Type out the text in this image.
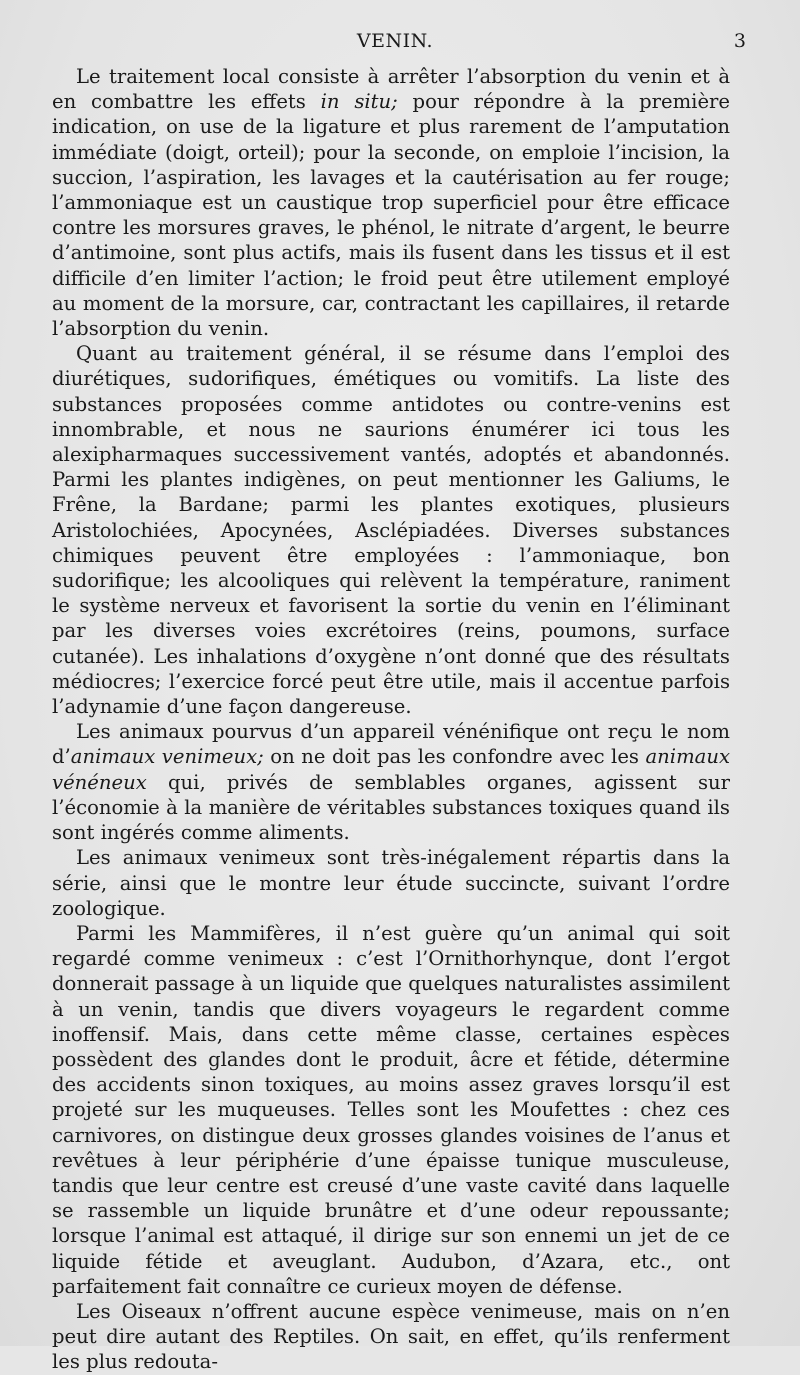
VENIN.	3

Le traitement local consiste à arrêter l’absorption du venin et à en combattre les effets in situ; pour répondre à la première indication, on use de la ligature et plus rarement de l’amputation immédiate (doigt, orteil); pour la seconde, on emploie l’incision, la succion, l’aspiration, les lavages et la cautérisation au fer rouge; l’ammoniaque est un caustique trop superficiel pour être efficace contre les morsures graves, le phénol, le nitrate d’argent, le beurre d’antimoine, sont plus actifs, mais ils fusent dans les tissus et il est difficile d’en limiter l’action; le froid peut être utilement employé au moment de la morsure, car, contractant les capillaires, il retarde l’absorption du venin.

Quant au traitement général, il se résume dans l’emploi des diurétiques, sudorifiques, émétiques ou vomitifs. La liste des substances proposées comme antidotes ou contre-venins est innombrable, et nous ne saurions énumérer ici tous les alexipharmaques successivement vantés, adoptés et abandonnés. Parmi les plantes indigènes, on peut mentionner les Galiums, le Frêne, la Bardane; parmi les plantes exotiques, plusieurs Aristolochiées, Apocynées, Asclépiadées. Diverses substances chimiques peuvent être employées : l’ammoniaque, bon sudorifique; les alcooliques qui relèvent la température, raniment le système nerveux et favorisent la sortie du venin en l’éliminant par les diverses voies excrétoires (reins, poumons, surface cutanée). Les inhalations d’oxygène n’ont donné que des résultats médiocres; l’exercice forcé peut être utile, mais il accentue parfois l’adynamie d’une façon dangereuse.

Les animaux pourvus d’un appareil vénénifique ont reçu le nom d’animaux venimeux; on ne doit pas les confondre avec les animaux vénéneux qui, privés de semblables organes, agissent sur l’économie à la manière de véritables substances toxiques quand ils sont ingérés comme aliments.

Les animaux venimeux sont très-inégalement répartis dans la série, ainsi que le montre leur étude succincte, suivant l’ordre zoologique.

Parmi les Mammifères, il n’est guère qu’un animal qui soit regardé comme venimeux : c’est l’Ornithorhynque, dont l’ergot donnerait passage à un liquide que quelques naturalistes assimilent à un venin, tandis que divers voyageurs le regardent comme inoffensif. Mais, dans cette même classe, certaines espèces possèdent des glandes dont le produit, âcre et fétide, détermine des accidents sinon toxiques, au moins assez graves lorsqu’il est projeté sur les muqueuses. Telles sont les Moufettes : chez ces carnivores, on distingue deux grosses glandes voisines de l’anus et revêtues à leur périphérie d’une épaisse tunique musculeuse, tandis que leur centre est creusé d’une vaste cavité dans laquelle se rassemble un liquide brunâtre et d’une odeur repoussante; lorsque l’animal est attaqué, il dirige sur son ennemi un jet de ce liquide fétide et aveuglant. Audubon, d’Azara, etc., ont parfaitement fait connaître ce curieux moyen de défense.

Les Oiseaux n’offrent aucune espèce venimeuse, mais on n’en peut dire autant des Reptiles. On sait, en effet, qu’ils renferment les plus redouta-
